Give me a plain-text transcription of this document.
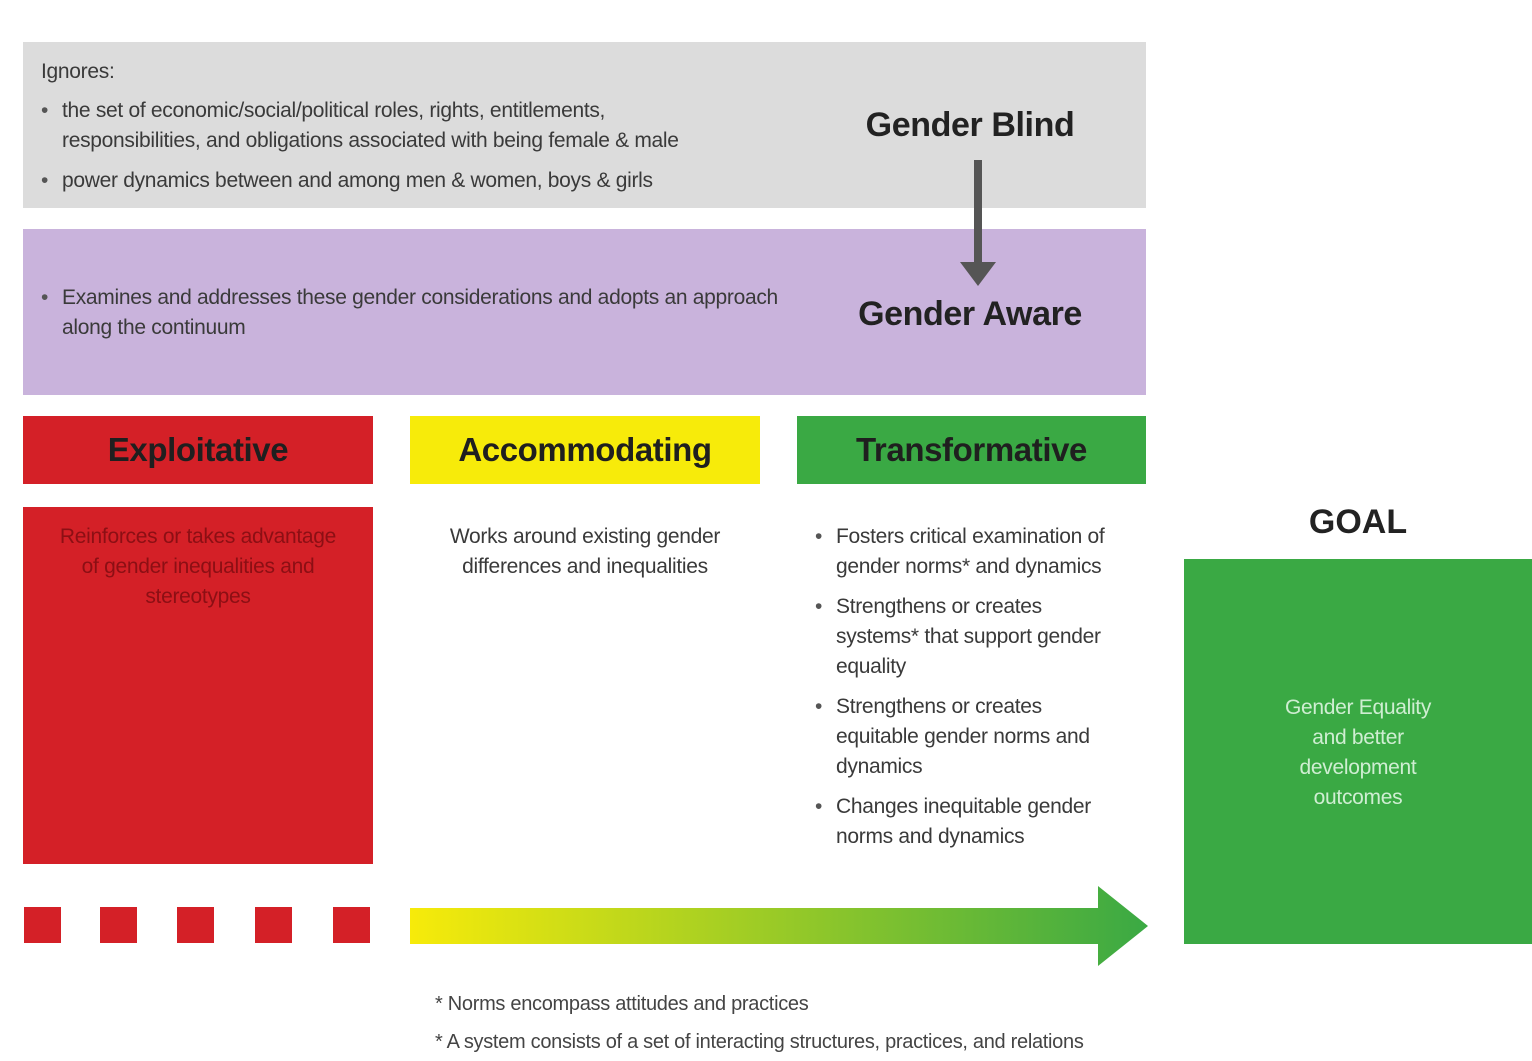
Ignores:
• the set of economic/social/political roles, rights, entitlements, responsibilities, and obligations associated with being female & male
• power dynamics between and among men & women, boys & girls
Gender Blind
• Examines and addresses these gender considerations and adopts an approach along the continuum	Gender Aware
Exploitative	Accommodating	Transformative
Reinforces or takes advantage of gender inequalities and stereotypes
Works around existing gender differences and inequalities
• Fosters critical examination of gender norms* and dynamics
• Strengthens or creates systems* that support gender equality
• Strengthens or creates equitable gender norms and dynamics
• Changes inequitable gender norms and dynamics
GOAL
Gender Equality and better development outcomes
* Norms encompass attitudes and practices
* A system consists of a set of interacting structures, practices, and relations
